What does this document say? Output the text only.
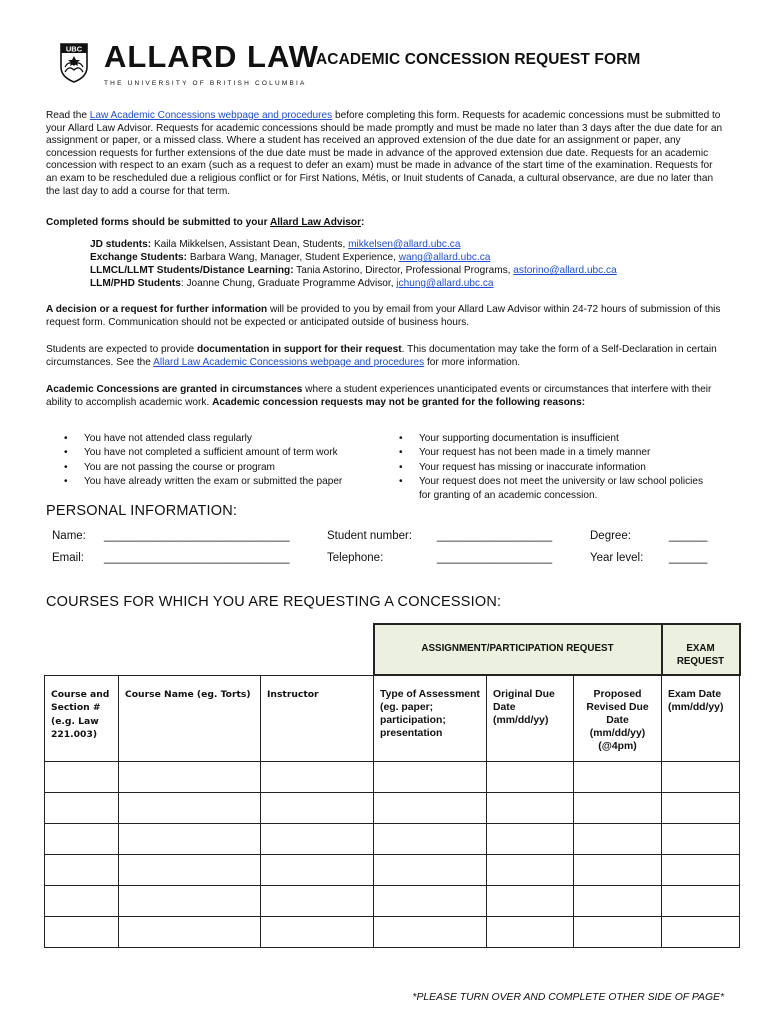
UBC ALLARD LAW
THE UNIVERSITY OF BRITISH COLUMBIA
ACADEMIC CONCESSION REQUEST FORM
Read the Law Academic Concessions webpage and procedures before completing this form. Requests for academic concessions must be submitted to your Allard Law Advisor. Requests for academic concessions should be made promptly and must be made no later than 3 days after the due date for an assignment or paper, or a missed class. Where a student has received an approved extension of the due date for an assignment or paper, any concession requests for further extensions of the due date must be made in advance of the approved extension due date. Requests for an academic concession with respect to an exam (such as a request to defer an exam) must be made in advance of the start time of the examination. Requests for an exam to be rescheduled due a religious conflict or for First Nations, Métis, or Inuit students of Canada, a cultural observance, are due no later than the last day to add a course for that term.
Completed forms should be submitted to your Allard Law Advisor:
JD students: Kaila Mikkelsen, Assistant Dean, Students, mikkelsen@allard.ubc.ca
Exchange Students: Barbara Wang, Manager, Student Experience, wang@allard.ubc.ca
LLMCL/LLMT Students/Distance Learning: Tania Astorino, Director, Professional Programs, astorino@allard.ubc.ca
LLM/PHD Students: Joanne Chung, Graduate Programme Advisor, jchung@allard.ubc.ca
A decision or a request for further information will be provided to you by email from your Allard Law Advisor within 24-72 hours of submission of this request form. Communication should not be expected or anticipated outside of business hours.
Students are expected to provide documentation in support for their request. This documentation may take the form of a Self-Declaration in certain circumstances. See the Allard Law Academic Concessions webpage and procedures for more information.
Academic Concessions are granted in circumstances where a student experiences unanticipated events or circumstances that interfere with their ability to accomplish academic work. Academic concession requests may not be granted for the following reasons:
• You have not attended class regularly
• You have not completed a sufficient amount of term work
• You are not passing the course or program
• You have already written the exam or submitted the paper
• Your supporting documentation is insufficient
• Your request has not been made in a timely manner
• Your request has missing or inaccurate information
• Your request does not meet the university or law school policies for granting of an academic concession.
PERSONAL INFORMATION:
Name: _____________________________	Student number: __________________	Degree:	______
Email: _____________________________	Telephone:	__________________	Year level: ______
COURSES FOR WHICH YOU ARE REQUESTING A CONCESSION:

			ASSIGNMENT/PARTICIPATION REQUEST			EXAM REQUEST

Course and Section # (e.g. Law 221.003)	Course Name (eg. Torts)	Instructor	Type of Assessment (eg. paper; participation; presentation	Original Due Date (mm/dd/yy)	Proposed Revised Due Date (mm/dd/yy) (@4pm)	Exam Date (mm/dd/yy)

*PLEASE TURN OVER AND COMPLETE OTHER SIDE OF PAGE*
